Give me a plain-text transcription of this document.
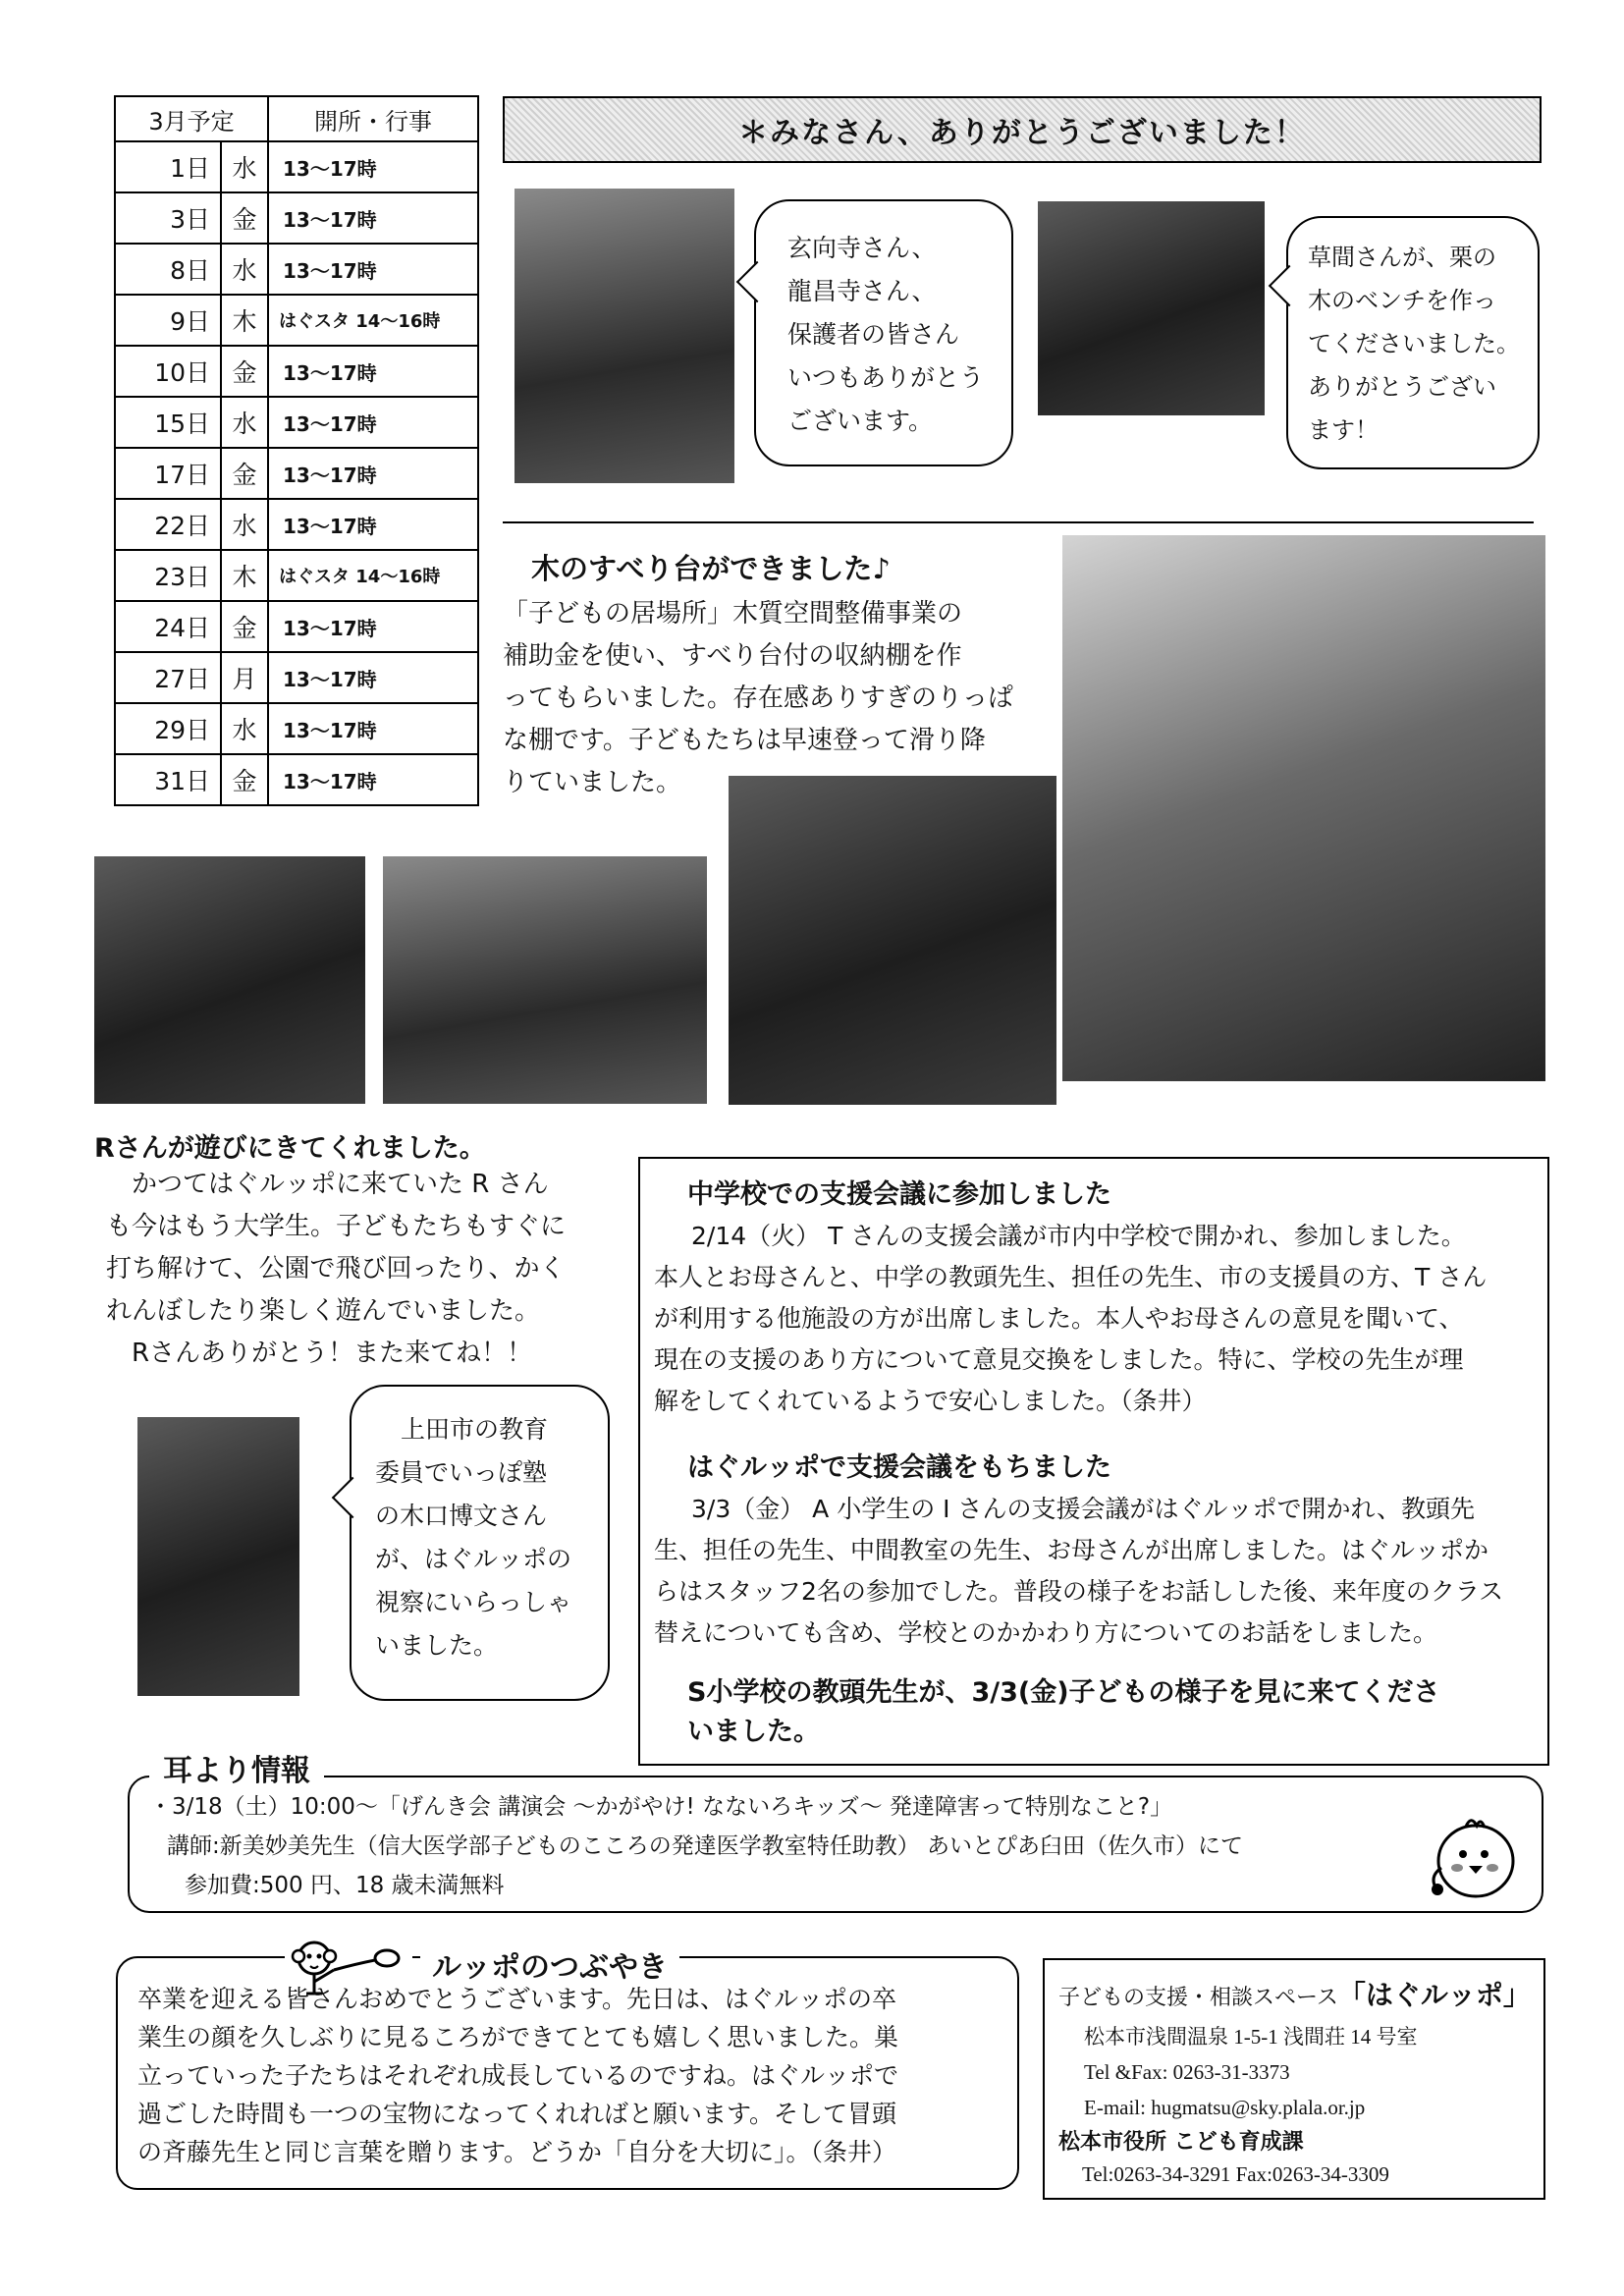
3月予定		開所・行事
1日	水	13～17時
3日	金	13～17時
8日	水	13～17時
9日	木	はぐスタ 14～16時
10日	金	13～17時
15日	水	13～17時
17日	金	13～17時
22日	水	13～17時
23日	木	はぐスタ 14～16時
24日	金	13～17時
27日	月	13～17時
29日	水	13～17時
31日	金	13～17時
＊みなさん、ありがとうございました！
玄向寺さん、
龍昌寺さん、
保護者の皆さん
いつもありがとう
ございます。
草間さんが、栗の
木のベンチを作っ
てくださいました。
ありがとうござい
ます！
木のすべり台ができました♪

「子どもの居場所」木質空間整備事業の

補助金を使い、すべり台付の収納棚を作

ってもらいました。存在感ありすぎのりっぱ

な棚です。子どもたちは早速登って滑り降

りていました。

Rさんが遊びにきてくれました。

かつてはぐルッポに来ていた R さん

も今はもう大学生。子どもたちもすぐに

打ち解けて、公園で飛び回ったり、かく

れんぼしたり楽しく遊んでいました。

Rさんありがとう！また来てね！！

上田市の教育
委員でいっぽ塾
の木口博文さん
が、はぐルッポの
視察にいらっしゃ
いました。
中学校での支援会議に参加しました

2/14（火） T さんの支援会議が市内中学校で開かれ、参加しました。

本人とお母さんと、中学の教頭先生、担任の先生、市の支援員の方、T さん

が利用する他施設の方が出席しました。本人やお母さんの意見を聞いて、

現在の支援のあり方について意見交換をしました。特に、学校の先生が理

解をしてくれているようで安心しました。（条井）

はぐルッポで支援会議をもちました

3/3（金） A 小学生の I さんの支援会議がはぐルッポで開かれ、教頭先

生、担任の先生、中間教室の先生、お母さんが出席しました。はぐルッポか

らはスタッフ2名の参加でした。普段の様子をお話しした後、来年度のクラス

替えについても含め、学校とのかかわり方についてのお話をしました。

S小学校の教頭先生が、3/3(金)子どもの様子を見に来てくださ
いました。
耳より情報
・3/18（土）10:00～「げんき会 講演会 ～かがやけ! なないろキッズ～ 発達障害って特別なこと?」
講師:新美妙美先生（信大医学部子どものこころの発達医学教室特任助教） あいとぴあ臼田（佐久市）にて
参加費:500 円、18 歳未満無料
ルッポのつぶやき

卒業を迎える皆さんおめでとうございます。先日は、はぐルッポの卒

業生の顔を久しぶりに見るころができてとても嬉しく思いました。巣

立っていった子たちはそれぞれ成長しているのですね。はぐルッポで

過ごした時間も一つの宝物になってくれればと願います。そして冒頭

の斉藤先生と同じ言葉を贈ります。どうか「自分を大切に」。（条井）

子どもの支援・相談スペース「はぐルッポ」
松本市浅間温泉 1-5-1 浅間荘 14 号室
Tel &Fax: 0263-31-3373
E-mail: hugmatsu@sky.plala.or.jp
松本市役所 こども育成課
Tel:0263-34-3291 Fax:0263-34-3309
